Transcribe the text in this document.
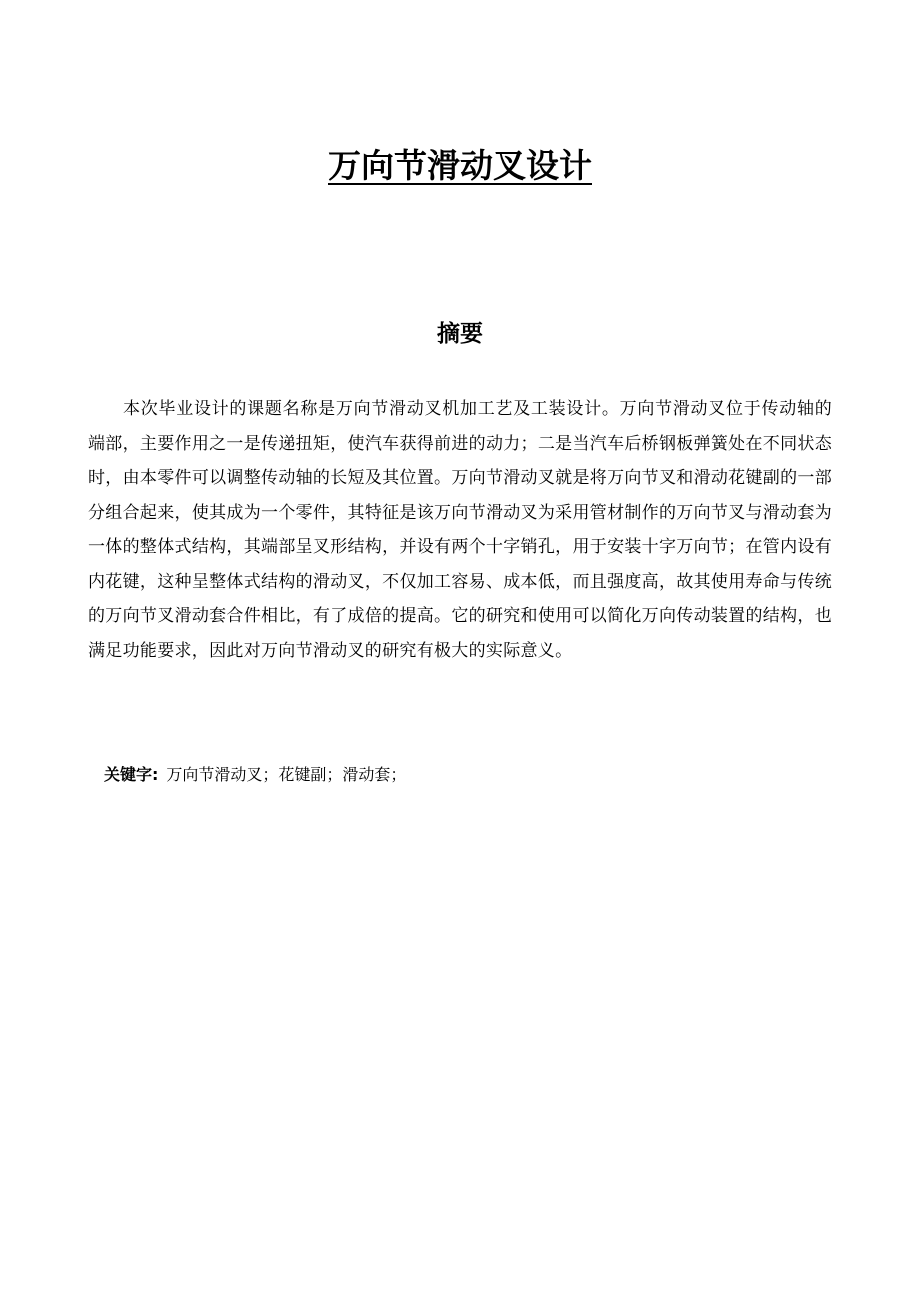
万向节滑动叉设计
摘要

本次毕业设计的课题名称是万向节滑动叉机加工艺及工装设计。万向节滑动叉位于传动轴的端部，主要作用之一是传递扭矩，使汽车获得前进的动力；二是当汽车后桥钢板弹簧处在不同状态时，由本零件可以调整传动轴的长短及其位置。万向节滑动叉就是将万向节叉和滑动花键副的一部分组合起来，使其成为一个零件，其特征是该万向节滑动叉为采用管材制作的万向节叉与滑动套为一体的整体式结构，其端部呈叉形结构，并设有两个十字销孔，用于安装十字万向节；在管内设有内花键，这种呈整体式结构的滑动叉，不仅加工容易、成本低，而且强度高，故其使用寿命与传统的万向节叉滑动套合件相比，有了成倍的提高。它的研究和使用可以简化万向传动装置的结构，也满足功能要求，因此对万向节滑动叉的研究有极大的实际意义。

关键字: 万向节滑动叉；花键副；滑动套；
